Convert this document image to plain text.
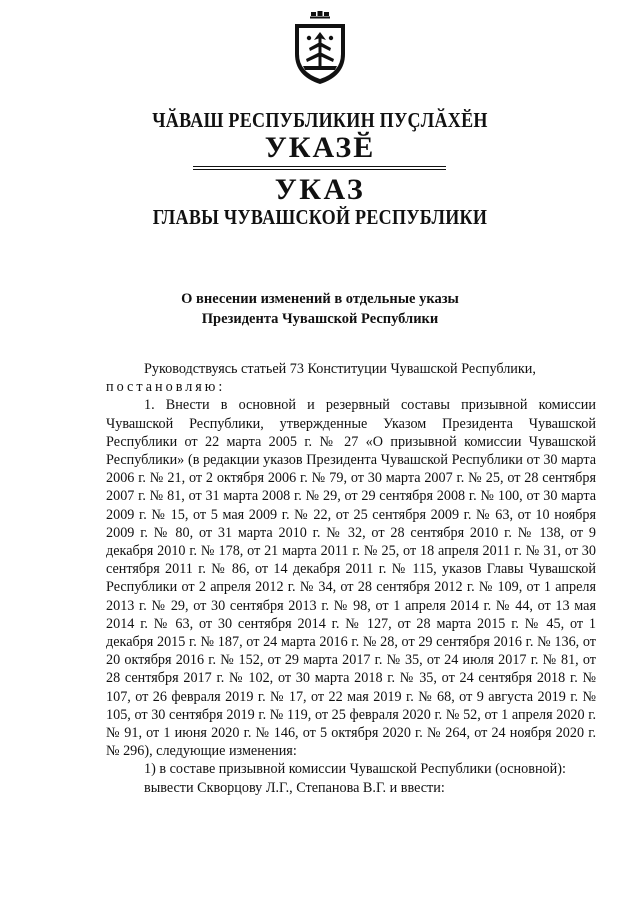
ЧӐВАШ РЕСПУБЛИКИН ПУҪЛӐХӖН
УКАЗӖ
УКАЗ
ГЛАВЫ ЧУВАШСКОЙ РЕСПУБЛИКИ
О внесении изменений в отдельные указы
Президента Чувашской Республики

Руководствуясь статьей 73 Конституции Чувашской Республики,

постановляю:

1. Внести в основной и резервный составы призывной комиссии Чувашской Республики, утвержденные Указом Президента Чувашской Республики от 22 марта 2005 г. № 27 «О призывной комиссии Чувашской Республики» (в редакции указов Президента Чувашской Республики от 30 марта 2006 г. № 21, от 2 октября 2006 г. № 79, от 30 марта 2007 г. № 25, от 28 сентября 2007 г. № 81, от 31 марта 2008 г. № 29, от 29 сентября 2008 г. № 100, от 30 марта 2009 г. № 15, от 5 мая 2009 г. № 22, от 25 сентября 2009 г. № 63, от 10 ноября 2009 г. № 80, от 31 марта 2010 г. № 32, от 28 сентября 2010 г. № 138, от 9 декабря 2010 г. № 178, от 21 марта 2011 г. № 25, от 18 апреля 2011 г. № 31, от 30 сентября 2011 г. № 86, от 14 декабря 2011 г. № 115, указов Главы Чувашской Республики от 2 апреля 2012 г. № 34, от 28 сентября 2012 г. № 109, от 1 апреля 2013 г. № 29, от 30 сентября 2013 г. № 98, от 1 апреля 2014 г. № 44, от 13 мая 2014 г. № 63, от 30 сентября 2014 г. № 127, от 28 марта 2015 г. № 45, от 1 декабря 2015 г. № 187, от 24 марта 2016 г. № 28, от 29 сентября 2016 г. № 136, от 20 октября 2016 г. № 152, от 29 марта 2017 г. № 35, от 24 июля 2017 г. № 81, от 28 сентября 2017 г. № 102, от 30 марта 2018 г. № 35, от 24 сентября 2018 г. № 107, от 26 февраля 2019 г. № 17, от 22 мая 2019 г. № 68, от 9 августа 2019 г. № 105, от 30 сентября 2019 г. № 119, от 25 февраля 2020 г. № 52, от 1 апреля 2020 г. № 91, от 1 июня 2020 г. № 146, от 5 октября 2020 г. № 264, от 24 ноября 2020 г. № 296), следующие изменения:

1) в составе призывной комиссии Чувашской Республики (основной):

вывести Скворцову Л.Г., Степанова В.Г. и ввести:
